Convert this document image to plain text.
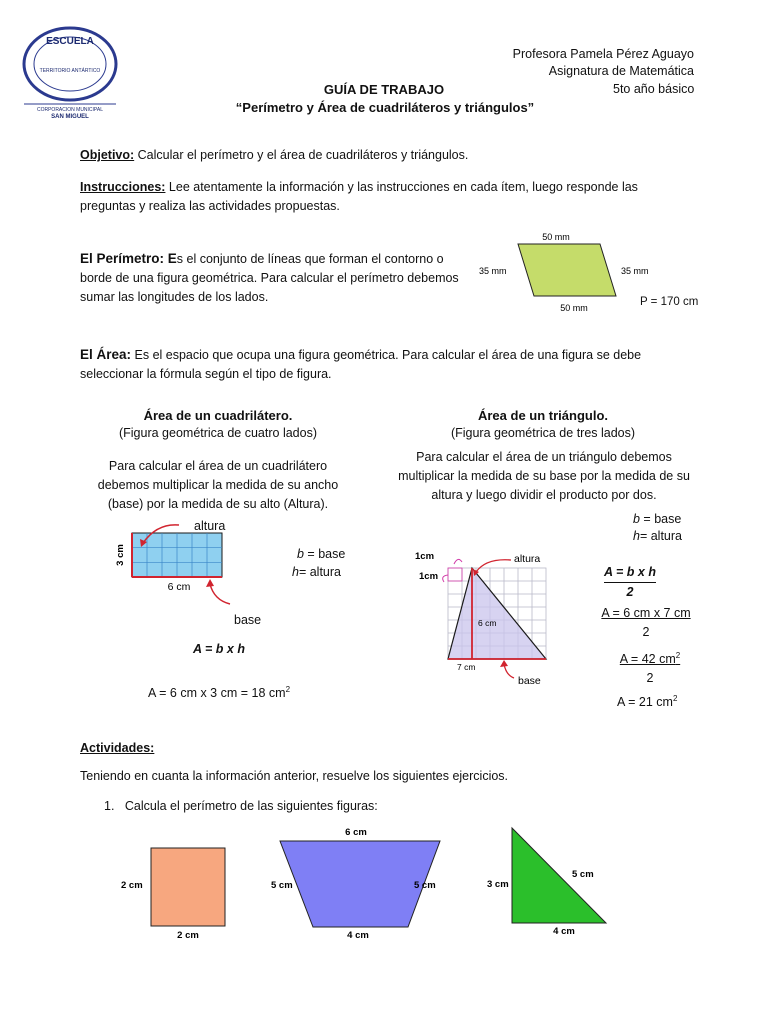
ESCUELA
TERRITORIO ANTÁRTICO
CORPORACION MUNICIPAL
SAN MIGUEL
Profesora Pamela Pérez Aguayo
Asignatura de Matemática
5to año básico
GUÍA DE TRABAJO
“Perímetro y Área de cuadriláteros y triángulos”
Objetivo: Calcular el perímetro y el área de cuadriláteros y triángulos.
Instrucciones: Lee atentamente la información y las instrucciones en cada ítem, luego responde las preguntas y realiza las actividades propuestas.
El Perímetro: Es el conjunto de líneas que forman el contorno o borde de una figura geométrica. Para calcular el perímetro debemos sumar las longitudes de los lados.
50 mm
50 mm
35 mm	35 mm
P = 170 cm
El Área: Es el espacio que ocupa una figura geométrica. Para calcular el área de una figura se debe seleccionar la fórmula según el tipo de figura.
Área de un cuadrilátero.
(Figura geométrica de cuatro lados)
Para calcular el área de un cuadrilátero debemos multiplicar la medida de su ancho (base) por la medida de su alto (Altura).
3 cm
6 cm
altura
base
b = base
h= altura
A = b x h
A = 6 cm x 3 cm = 18 $cm^2$
Área de un triángulo.
(Figura geométrica de tres lados)
Para calcular el área de un triángulo debemos multiplicar la medida de su base por la medida de su altura y luego dividir el producto por dos.
b = base
h= altura
1cm
1cm
altura
6 cm
7 cm
base
A = b x h
2
A = 6 cm x 7 cm
2
A = 42 $cm^2$
2
A = 21 $cm^2$
Actividades:
Teniendo en cuanta la información anterior, resuelve los siguientes ejercicios.
1. Calcula el perímetro de las siguientes figuras:
2 cm
2 cm
6 cm
5 cm	5 cm
4 cm
3 cm
5 cm
4 cm
